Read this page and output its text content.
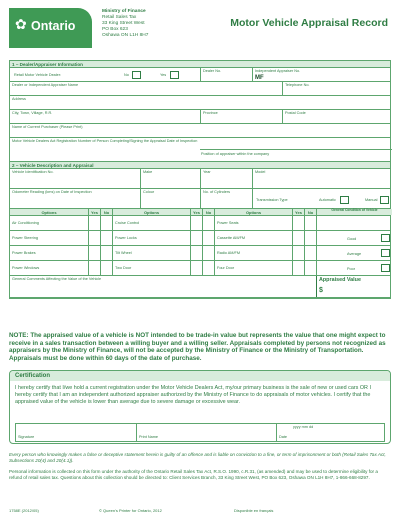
✿ Ontario
Ministry of Finance
Retail Sales Tax
33 King Street West
PO Box 623
Oshawa ON L1H 8H7
Motor Vehicle Appraisal Record
1 – Dealer/Appraiser Information
Retail Motor Vehicle Dealer:	No	Yes
Dealer No.	Independent Appraiser No.
MF
Dealer or Independent Appraiser Name	Telephone No.
Address
City, Town, Village, R.R.	Province	Postal Code
Name of Current Purchaser (Please Print)
Motor Vehicle Dealers Act Registration Number of Person Completing/Signing the Appraisal Date of Inspection
Position of appraiser within the company
2 – Vehicle Description and Appraisal
Vehicle Identification No.	Make	Year	Model
Odometer Reading (kms) on Date of Inspection	Colour	No. of Cylinders
Transmission Type	Automatic	Manual
Options	Yes	No	Options	Yes	No	Options	Yes	No	General Condition of Vehicle
Air Conditioning	Cruise Control	Power Seats
Power Steering	Power Locks	Cassette AM/FM	Good
Power Brakes	Tilt Wheel	Radio AM/FM	Average
Power Windows	Two Door	Four Door	Poor
General Comments Affecting the Value of the Vehicle	Appraised Value
$
NOTE: The appraised value of a vehicle is NOT intended to be trade-in value but represents the value that one might expect to receive in a sales transaction between a willing buyer and a willing seller. Appraisals completed by persons not recognized as appraisers by the Ministry of Finance, will not be accepted by the Ministry of Finance or the Ministry of Transportation. Appraisals must be done within 60 days of the date of purchase.
Certification
I hereby certify that I/we hold a current registration under the Motor Vehicle Dealers Act, my/our primary business is the sale of new or used cars OR I hereby certify that I am an independent authorized appraiser authorized by the Ministry of Finance to do appraisals of motor vehicles. I certify that the appraised value of the vehicle is lower than average due to severe damage or excessive wear.
Signature	Print Name	Date
yyyy mm dd
Every person who knowingly makes a false or deceptive statement herein is guilty of an offence and is liable on conviction to a fine, or term of imprisonment or both (Retail Sales Tax Act, Subsections 20(4) and 20(4.1)).
Personal information is collected on this form under the authority of the Ontario Retail Sales Tax Act, R.S.O. 1990, c.R.31, (as amended) and may be used to determine eligibility for a refund of retail sales tax. Questions about this collection should be directed to: Client Services Branch, 33 King Street West, PO Box 623, Oshawa ON L1H 8H7, 1-866-668-8297.
1758E (2012/05)	© Queen's Printer for Ontario, 2012	Disponible en français
